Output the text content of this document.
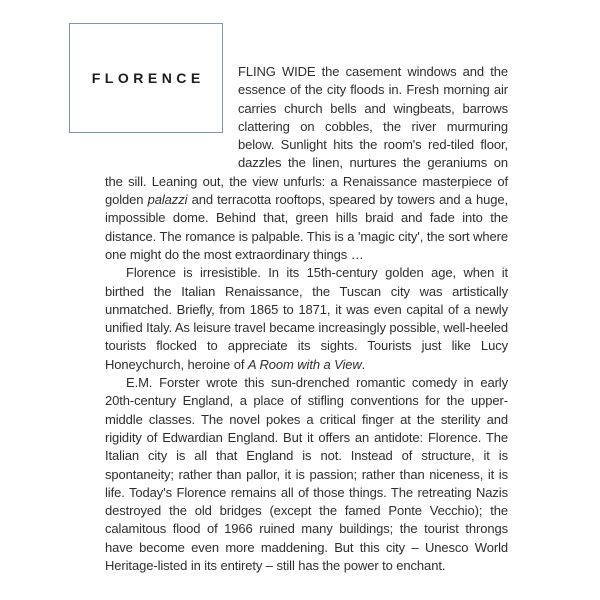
FLORENCE	FLING WIDE the casement windows and the essence of the city floods in. Fresh morning air carries church bells and wingbeats, barrows clattering on cobbles, the river murmuring below. Sunlight hits the room's red-tiled floor, dazzles the linen, nurtures the geraniums on the sill. Leaning out, the view unfurls: a Renaissance masterpiece of golden palazzi and terracotta rooftops, speared by towers and a huge, impossible dome. Behind that, green hills braid and fade into the distance. The romance is palpable. This is a 'magic city', the sort where one might do the most extraordinary things …

Florence is irresistible. In its 15th-century golden age, when it birthed the Italian Renaissance, the Tuscan city was artistically unmatched. Briefly, from 1865 to 1871, it was even capital of a newly unified Italy. As leisure travel became increasingly possible, well-heeled tourists flocked to appreciate its sights. Tourists just like Lucy Honeychurch, heroine of A Room with a View.

E.M. Forster wrote this sun-drenched romantic comedy in early 20th-century England, a place of stifling conventions for the upper-middle classes. The novel pokes a critical finger at the sterility and rigidity of Edwardian England. But it offers an antidote: Florence. The Italian city is all that England is not. Instead of structure, it is spontaneity; rather than pallor, it is passion; rather than niceness, it is life. Today's Florence remains all of those things. The retreating Nazis destroyed the old bridges (except the famed Ponte Vecchio); the calamitous flood of 1966 ruined many buildings; the tourist throngs have become even more maddening. But this city – Unesco World Heritage-listed in its entirety – still has the power to enchant.
